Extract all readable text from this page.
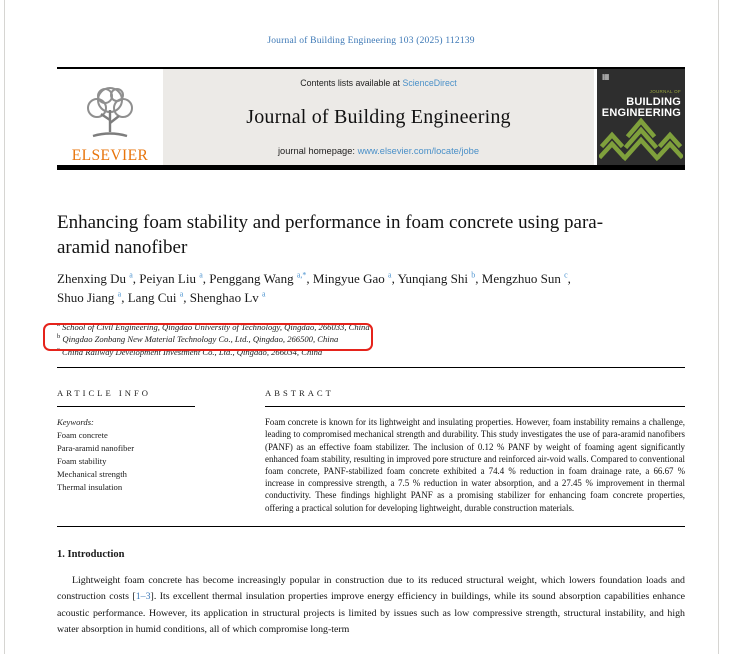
Journal of Building Engineering 103 (2025) 112139
ELSEVIER
Contents lists available at ScienceDirect
Journal of Building Engineering
journal homepage: www.elsevier.com/locate/jobe
▦
JOURNAL OF BUILDING
ENGINEERING
Enhancing foam stability and performance in foam concrete using para-aramid nanofiber
Zhenxing Du $^a$ , Peiyan Liu $^a$ , Penggang Wang $^{a,*}$ , Mingyue Gao $^a$ , Yunqiang Shi $^b$ , Mengzhuo Sun $^c$ , Shuo Jiang $^a$ , Lang Cui $^a$ , Shenghao Lv $^a$
$^a$ School of Civil Engineering, Qingdao University of Technology, Qingdao, 266033, China
$^b$ Qingdao Zonbang New Material Technology Co., Ltd., Qingdao, 266500, China
$^c$ China Railway Development Investment Co., Ltd., Qingdao, 266034, China
ARTICLE INFO
Keywords:
Foam concrete
Para-aramid nanofiber
Foam stability
Mechanical strength
Thermal insulation
ABSTRACT
Foam concrete is known for its lightweight and insulating properties. However, foam instability remains a challenge, leading to compromised mechanical strength and durability. This study investigates the use of para-aramid nanofibers (PANF) as an effective foam stabilizer. The inclusion of 0.12 % PANF by weight of foaming agent significantly enhanced foam stability, resulting in improved pore structure and reinforced air-void walls. Compared to conventional foam concrete, PANF-stabilized foam concrete exhibited a 74.4 % reduction in foam drainage rate, a 66.67 % increase in compressive strength, a 7.5 % reduction in water absorption, and a 27.45 % improvement in thermal conductivity. These findings highlight PANF as a promising stabilizer for enhancing foam concrete properties, offering a practical solution for developing lightweight, durable construction materials.
1. Introduction

Lightweight foam concrete has become increasingly popular in construction due to its reduced structural weight, which lowers foundation loads and construction costs [1–3]. Its excellent thermal insulation properties improve energy efficiency in buildings, while its sound absorption capabilities enhance acoustic performance. However, its application in structural projects is limited by issues such as low compressive strength, structural instability, and high water absorption in humid conditions, all of which compromise long-term
